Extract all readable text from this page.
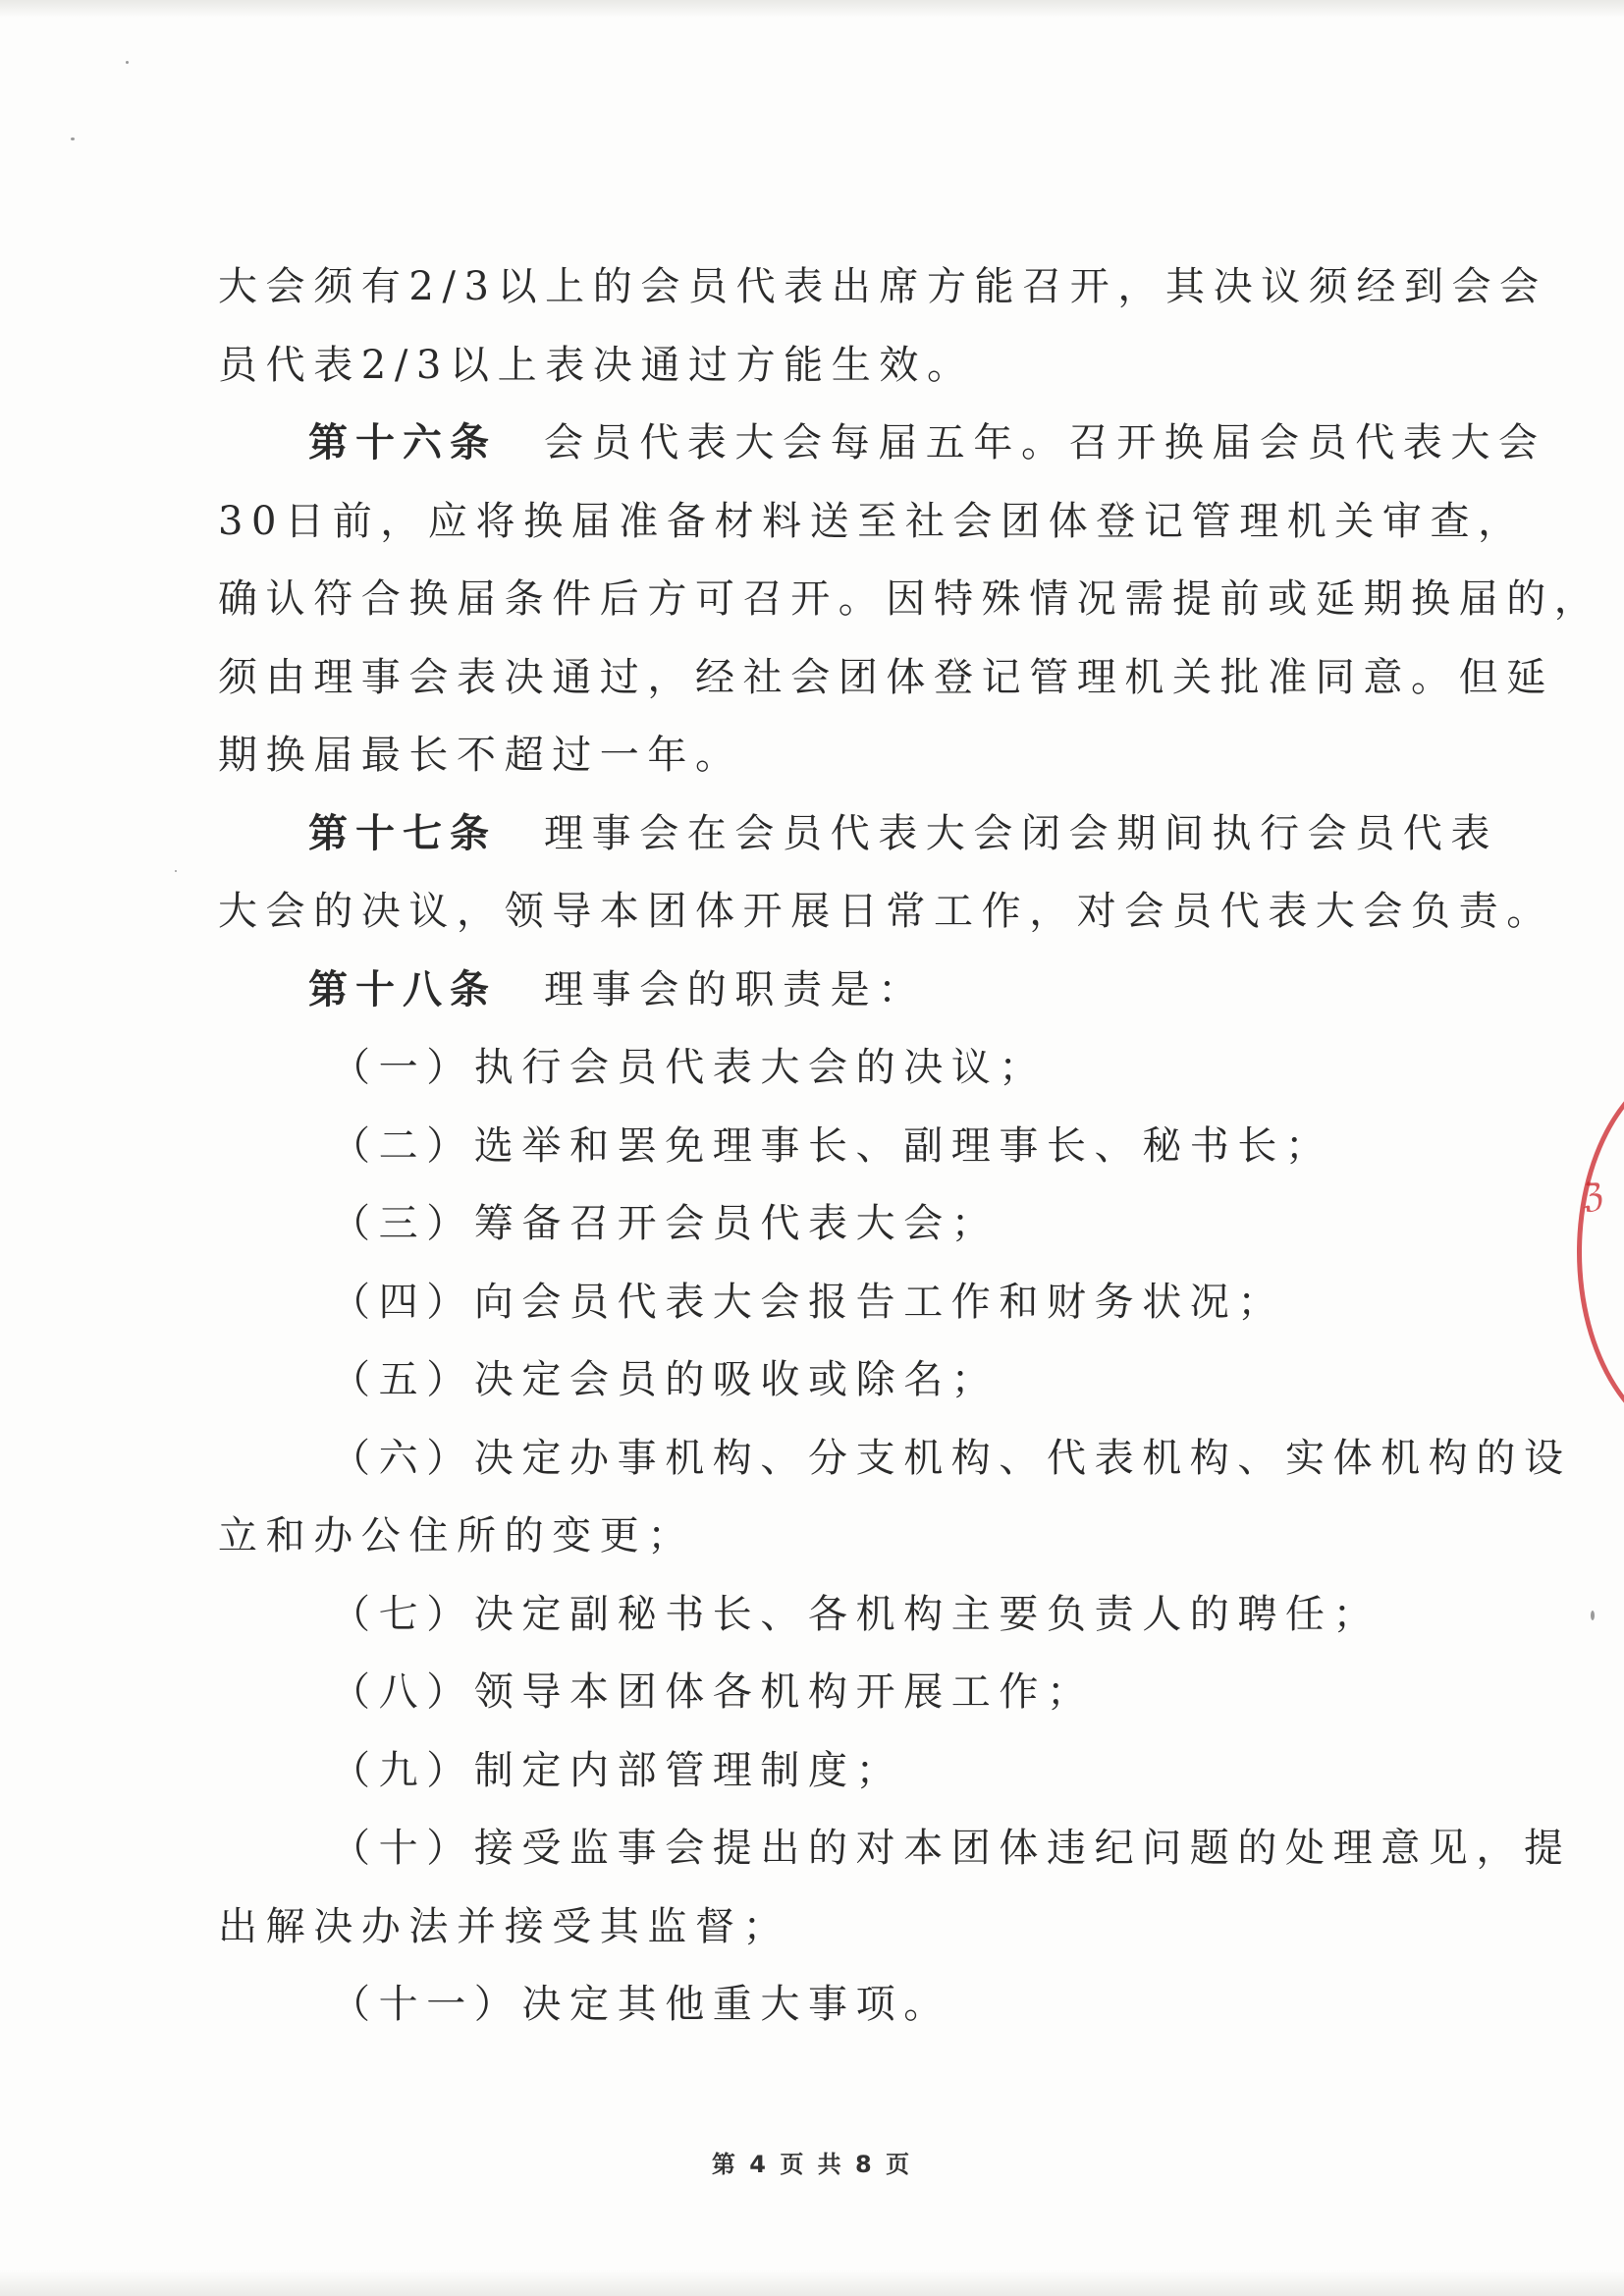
大会须有2/3以上的会员代表出席方能召开，其决议须经到会会
员代表2/3以上表决通过方能生效。
第十六条 会员代表大会每届五年。召开换届会员代表大会
30日前，应将换届准备材料送至社会团体登记管理机关审查，
确认符合换届条件后方可召开。因特殊情况需提前或延期换届的，
须由理事会表决通过，经社会团体登记管理机关批准同意。但延
期换届最长不超过一年。
第十七条 理事会在会员代表大会闭会期间执行会员代表
大会的决议，领导本团体开展日常工作，对会员代表大会负责。
第十八条 理事会的职责是：
（一）执行会员代表大会的决议；
（二）选举和罢免理事长、副理事长、秘书长；
（三）筹备召开会员代表大会；
（四）向会员代表大会报告工作和财务状况；
（五）决定会员的吸收或除名；
（六）决定办事机构、分支机构、代表机构、实体机构的设
立和办公住所的变更；
（七）决定副秘书长、各机构主要负责人的聘任；
（八）领导本团体各机构开展工作；
（九）制定内部管理制度；
（十）接受监事会提出的对本团体违纪问题的处理意见，提
出解决办法并接受其监督；
（十一）决定其他重大事项。
ℨ
第 4 页 共 8 页
